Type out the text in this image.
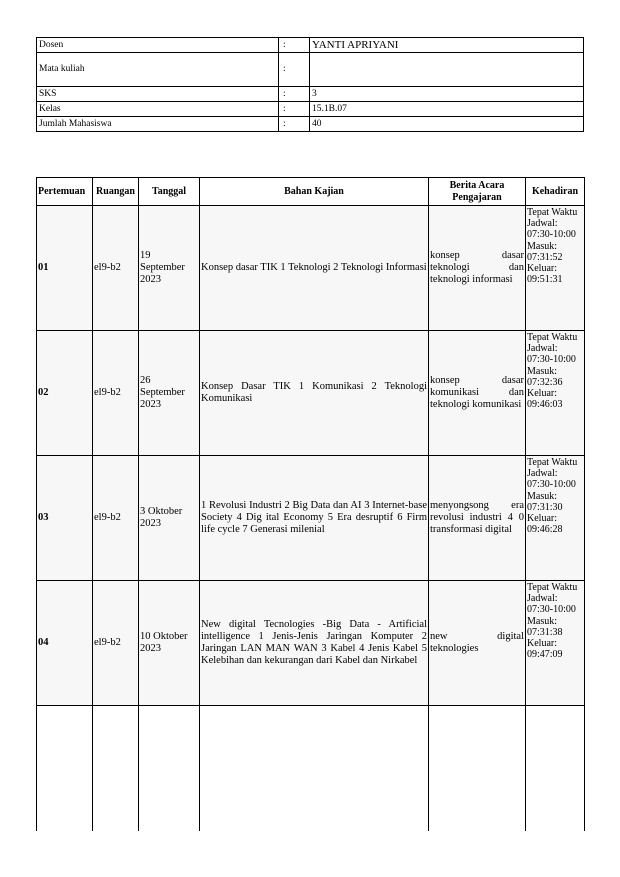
Dosen	:	YANTI APRIYANI
Mata kuliah	:	
SKS	:	3
Kelas	:	15.1B.07
Jumlah Mahasiswa	:	40
Pertemuan	Ruangan	Tanggal	Bahan Kajian	Berita Acara Pengajaran	Kehadiran
01	el9-b2	19 September 2023	Konsep dasar TIK 1 Teknologi 2 Teknologi Informasi	konsep dasar teknologi dan teknologi informasi	Tepat Waktu
Jadwal: 07:30-10:00
Masuk: 07:31:52
Keluar: 09:51:31

02	el9-b2	26 September 2023	Konsep Dasar TIK 1 Komunikasi 2 Teknologi Komunikasi	konsep dasar komunikasi dan teknologi komunikasi	Tepat Waktu
Jadwal: 07:30-10:00
Masuk: 07:32:36
Keluar: 09:46:03

03	el9-b2	3 Oktober 2023	1 Revolusi Industri 2 Big Data dan AI 3 Internet-base Society 4 Dig ital Economy 5 Era desruptif 6 Firm life cycle 7 Generasi milenial	menyongsong era revolusi industri 4 0 transformasi digital	Tepat Waktu
Jadwal: 07:30-10:00
Masuk: 07:31:30
Keluar: 09:46:28

04	el9-b2	10 Oktober 2023	New digital Tecnologies -Big Data - Artificial intelligence 1 Jenis-Jenis Jaringan Komputer 2 Jaringan LAN MAN WAN 3 Kabel 4 Jenis Kabel 5 Kelebihan dan kekurangan dari Kabel dan Nirkabel	new digital teknologies	Tepat Waktu
Jadwal: 07:30-10:00
Masuk: 07:31:38
Keluar: 09:47:09
